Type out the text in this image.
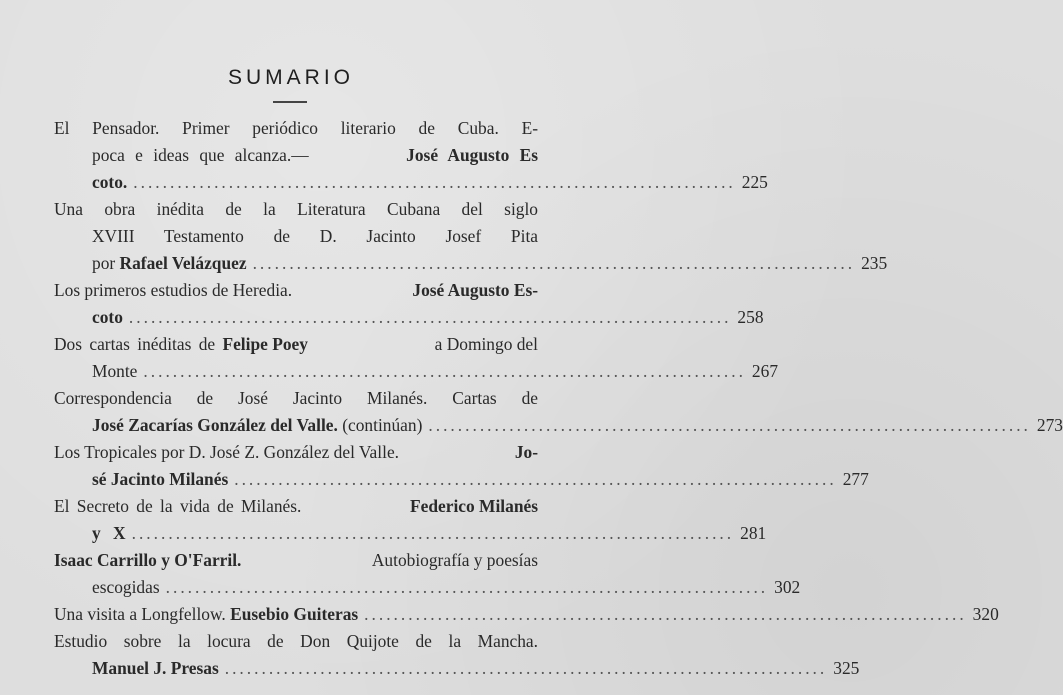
SUMARIO
El Pensador. Primer periódico literario de Cuba. E-
poca e ideas que alcanza.—	José Augusto Es
coto. .................................................................................. 225
Una obra inédita de la Literatura Cubana del siglo
XVIII Testamento de D. Jacinto Josef Pita
por Rafael Velázquez .................................................................................. 235
Los primeros estudios de Heredia.	José Augusto Es-
coto .................................................................................. 258
Dos cartas inéditas de Felipe Poey	a Domingo del
Monte .................................................................................. 267
Correspondencia de José Jacinto Milanés. Cartas de
José Zacarías González del Valle. (continúan) .................................................................................. 273
Los Tropicales por D. José Z. González del Valle.	Jo-
sé Jacinto Milanés .................................................................................. 277
El Secreto de la vida de Milanés.	Federico Milanés
y X .................................................................................. 281
Isaac Carrillo y O'Farril.	Autobiografía y poesías
escogidas .................................................................................. 302
Una visita a Longfellow. Eusebio Guiteras .................................................................................. 320
Estudio sobre la locura de Don Quijote de la Mancha.
Manuel J. Presas .................................................................................. 325
